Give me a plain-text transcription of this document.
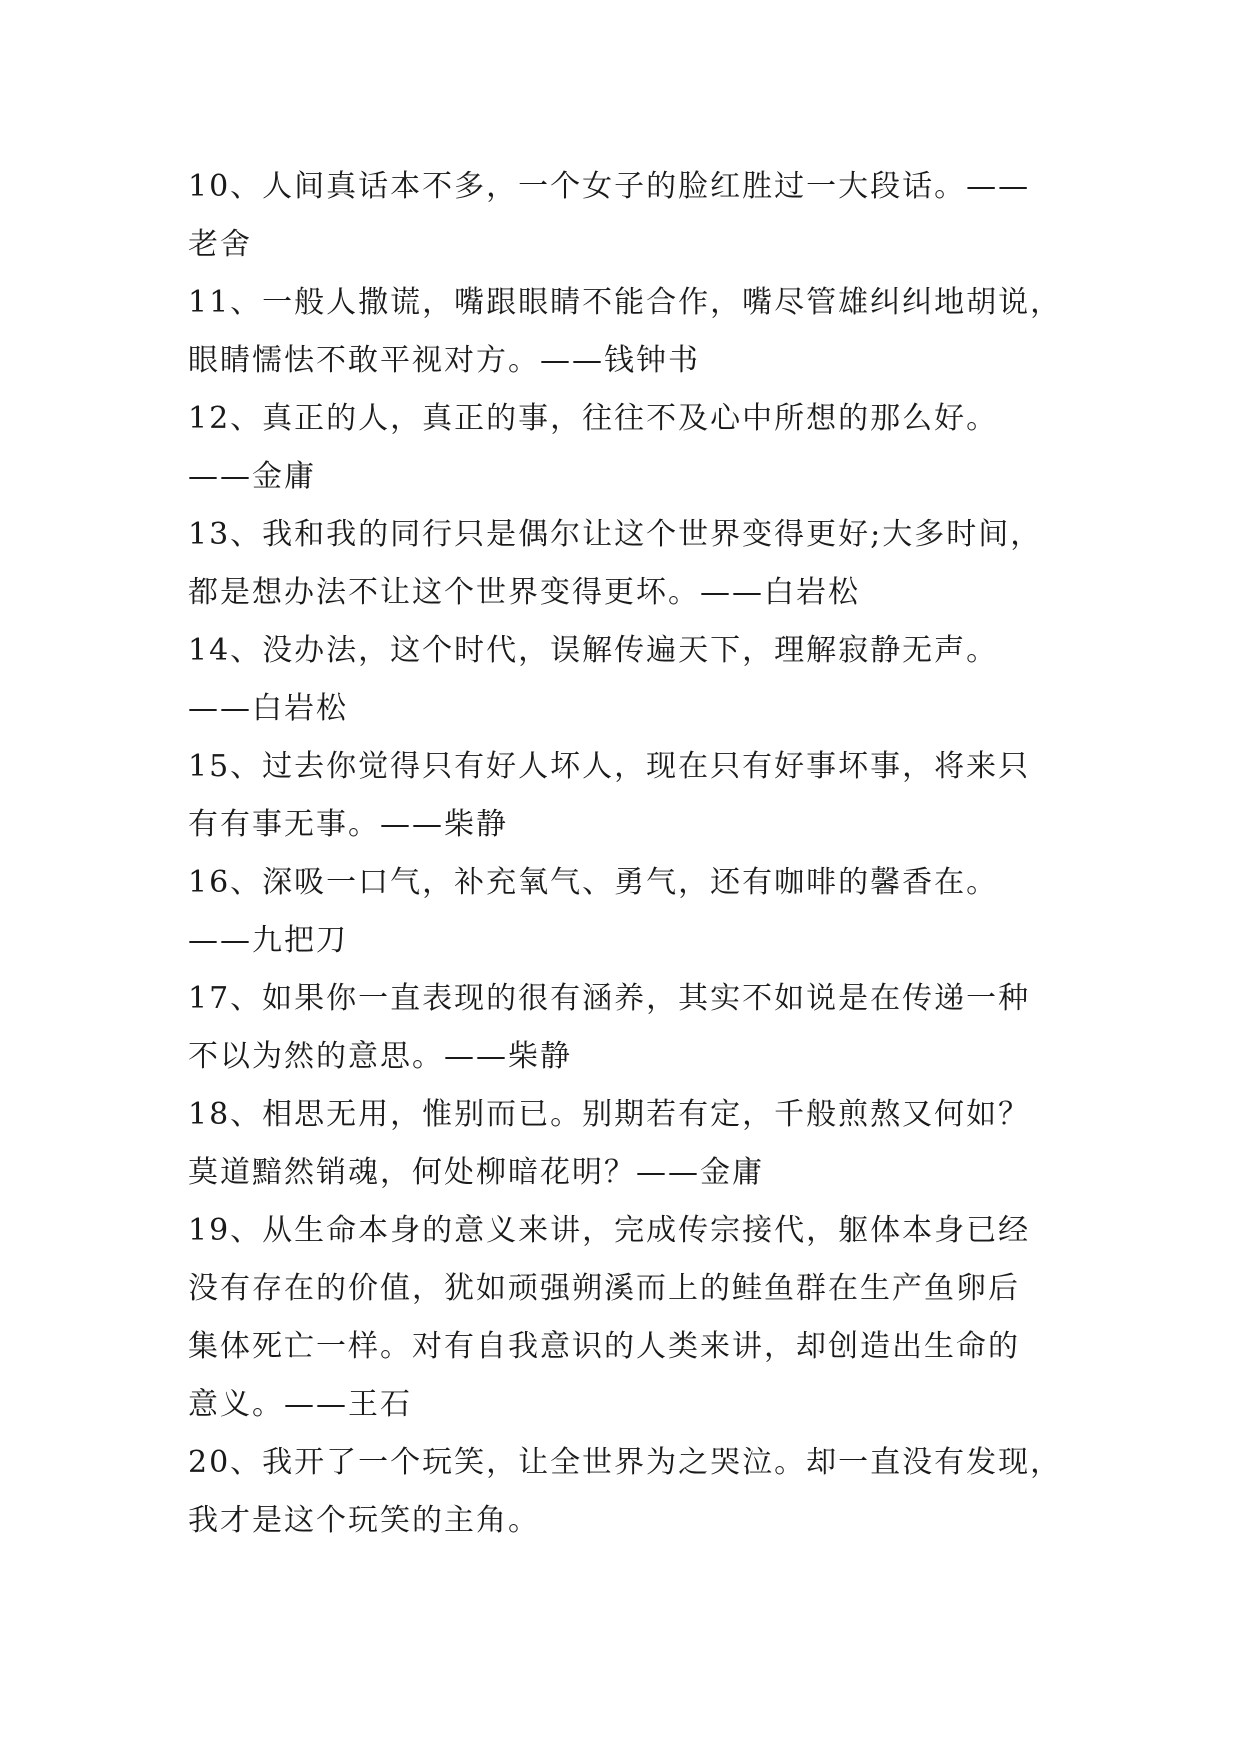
10、人间真话本不多，一个女子的脸红胜过一大段话。——
老舍
11、一般人撒谎，嘴跟眼睛不能合作，嘴尽管雄纠纠地胡说，
眼睛懦怯不敢平视对方。——钱钟书
12、真正的人，真正的事，往往不及心中所想的那么好。
——金庸
13、我和我的同行只是偶尔让这个世界变得更好;大多时间，
都是想办法不让这个世界变得更坏。——白岩松
14、没办法，这个时代，误解传遍天下，理解寂静无声。
——白岩松
15、过去你觉得只有好人坏人，现在只有好事坏事，将来只
有有事无事。——柴静
16、深吸一口气，补充氧气、勇气，还有咖啡的馨香在。
——九把刀
17、如果你一直表现的很有涵养，其实不如说是在传递一种
不以为然的意思。——柴静
18、相思无用，惟别而已。别期若有定，千般煎熬又何如？
莫道黯然销魂，何处柳暗花明？——金庸
19、从生命本身的意义来讲，完成传宗接代，躯体本身已经
没有存在的价值，犹如顽强朔溪而上的鲑鱼群在生产鱼卵后
集体死亡一样。对有自我意识的人类来讲，却创造出生命的
意义。——王石
20、我开了一个玩笑，让全世界为之哭泣。却一直没有发现，
我才是这个玩笑的主角。
